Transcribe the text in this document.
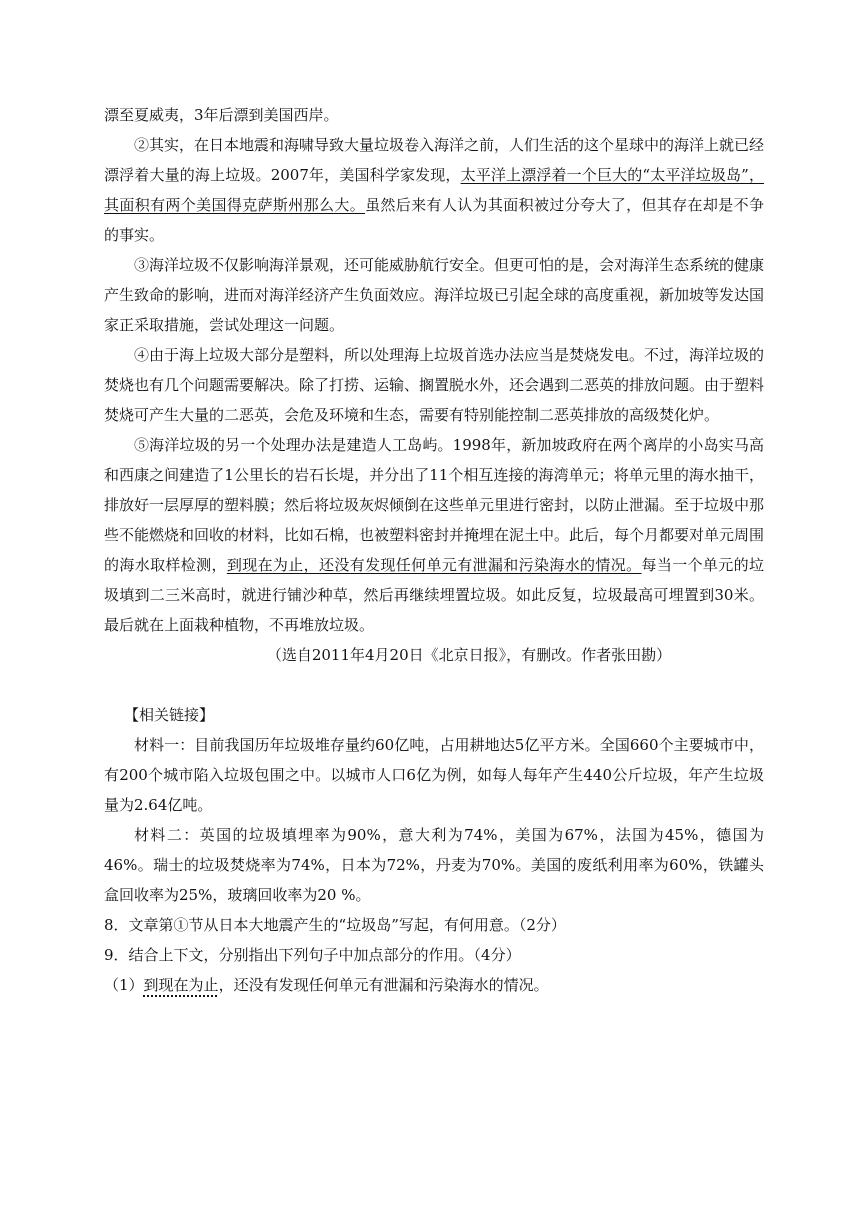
漂至夏威夷，3年后漂到美国西岸。

②其实，在日本地震和海啸导致大量垃圾卷入海洋之前，人们生活的这个星球中的海洋上就已经漂浮着大量的海上垃圾。2007年，美国科学家发现，太平洋上漂浮着一个巨大的“太平洋垃圾岛”，其面积有两个美国得克萨斯州那么大。虽然后来有人认为其面积被过分夸大了，但其存在却是不争的事实。

③海洋垃圾不仅影响海洋景观，还可能威胁航行安全。但更可怕的是，会对海洋生态系统的健康产生致命的影响，进而对海洋经济产生负面效应。海洋垃圾已引起全球的高度重视，新加坡等发达国家正采取措施，尝试处理这一问题。

④由于海上垃圾大部分是塑料，所以处理海上垃圾首选办法应当是焚烧发电。不过，海洋垃圾的焚烧也有几个问题需要解决。除了打捞、运输、搁置脱水外，还会遇到二恶英的排放问题。由于塑料焚烧可产生大量的二恶英，会危及环境和生态，需要有特别能控制二恶英排放的高级焚化炉。

⑤海洋垃圾的另一个处理办法是建造人工岛屿。1998年，新加坡政府在两个离岸的小岛实马高和西康之间建造了1公里长的岩石长堤，并分出了11个相互连接的海湾单元；将单元里的海水抽干，排放好一层厚厚的塑料膜；然后将垃圾灰烬倾倒在这些单元里进行密封，以防止泄漏。至于垃圾中那些不能燃烧和回收的材料，比如石棉，也被塑料密封并掩埋在泥土中。此后，每个月都要对单元周围的海水取样检测，到现在为止，还没有发现任何单元有泄漏和污染海水的情况。每当一个单元的垃圾填到二三米高时，就进行铺沙种草，然后再继续埋置垃圾。如此反复，垃圾最高可埋置到30米。最后就在上面栽种植物，不再堆放垃圾。

（选自2011年4月20日《北京日报》，有删改。作者张田勘）

【相关链接】

材料一：目前我国历年垃圾堆存量约60亿吨，占用耕地达5亿平方米。全国660个主要城市中，有200个城市陷入垃圾包围之中。以城市人口6亿为例，如每人每年产生440公斤垃圾，年产生垃圾量为2.64亿吨。

材料二：英国的垃圾填埋率为90%，意大利为74%，美国为67%，法国为45%，德国为46%。瑞士的垃圾焚烧率为74%，日本为72%，丹麦为70%。美国的废纸利用率为60%，铁罐头盒回收率为25%，玻璃回收率为20 %。

8．文章第①节从日本大地震产生的“垃圾岛”写起，有何用意。（2分）

9．结合上下文，分别指出下列句子中加点部分的作用。（4分）

（1）到现在为止，还没有发现任何单元有泄漏和污染海水的情况。
